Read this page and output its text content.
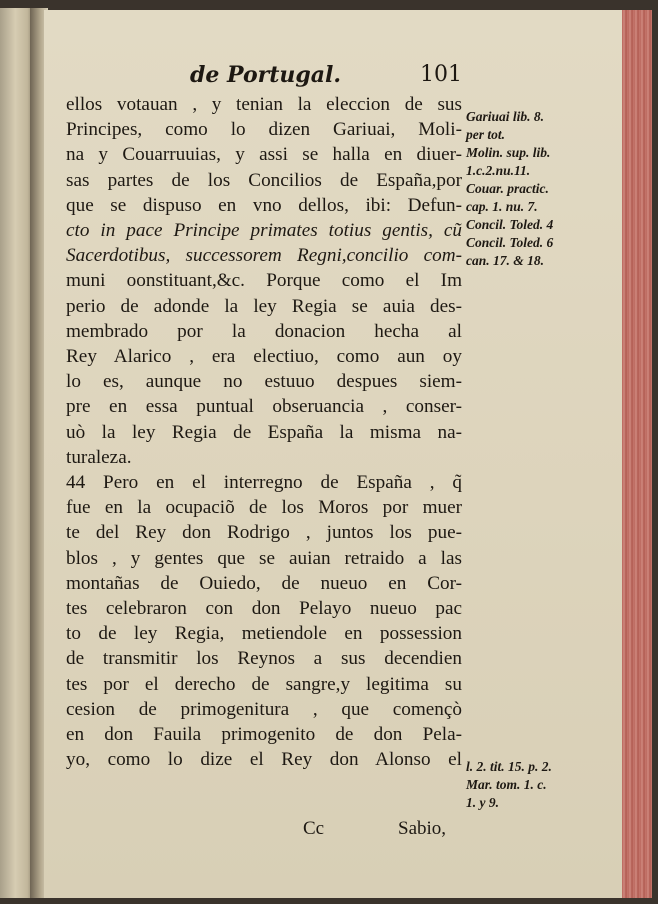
de Portugal.	101
ellos votauan , y tenian la eleccion de sus
Principes, como lo dizen Gariuai, Moli-
na y Couarruuias, y assi se halla en diuer-
sas partes de los Concilios de España,por
que se dispuso en vno dellos, ibi: Defun-
cto in pace Principe primates totius gentis, cũ
Sacerdotibus, successorem Regni,concilio com-
muni oonstituant,&c. Porque como el Im
perio de adonde la ley Regia se auia des-
membrado por la donacion hecha al
Rey Alarico , era electiuo, como aun oy
lo es, aunque no estuuo despues siem-
pre en essa puntual obseruancia , conser-
uò la ley Regia de España la misma na-
turaleza.
44 Pero en el interregno de España , q̃
fue en la ocupaciõ de los Moros por muer
te del Rey don Rodrigo , juntos los pue-
blos , y gentes que se auian retraido a las
montañas de Ouiedo, de nueuo en Cor-
tes celebraron con don Pelayo nueuo pac
to de ley Regia, metiendole en possession
de transmitir los Reynos a sus decendien
tes por el derecho de sangre,y legitima su
cesion de primogenitura , que començò
en don Fauila primogenito de don Pela-
yo, como lo dize el Rey don Alonso el
Gariuai lib. 8.
per tot.
Molin. sup. lib.
1.c.2.nu.11.
Couar. practic.
cap. 1. nu. 7.
Concil. Toled. 4
Concil. Toled. 6
can. 17. & 18.
l. 2. tit. 15. p. 2.
Mar. tom. 1. c.
1. y 9.
Cc	Sabio,
